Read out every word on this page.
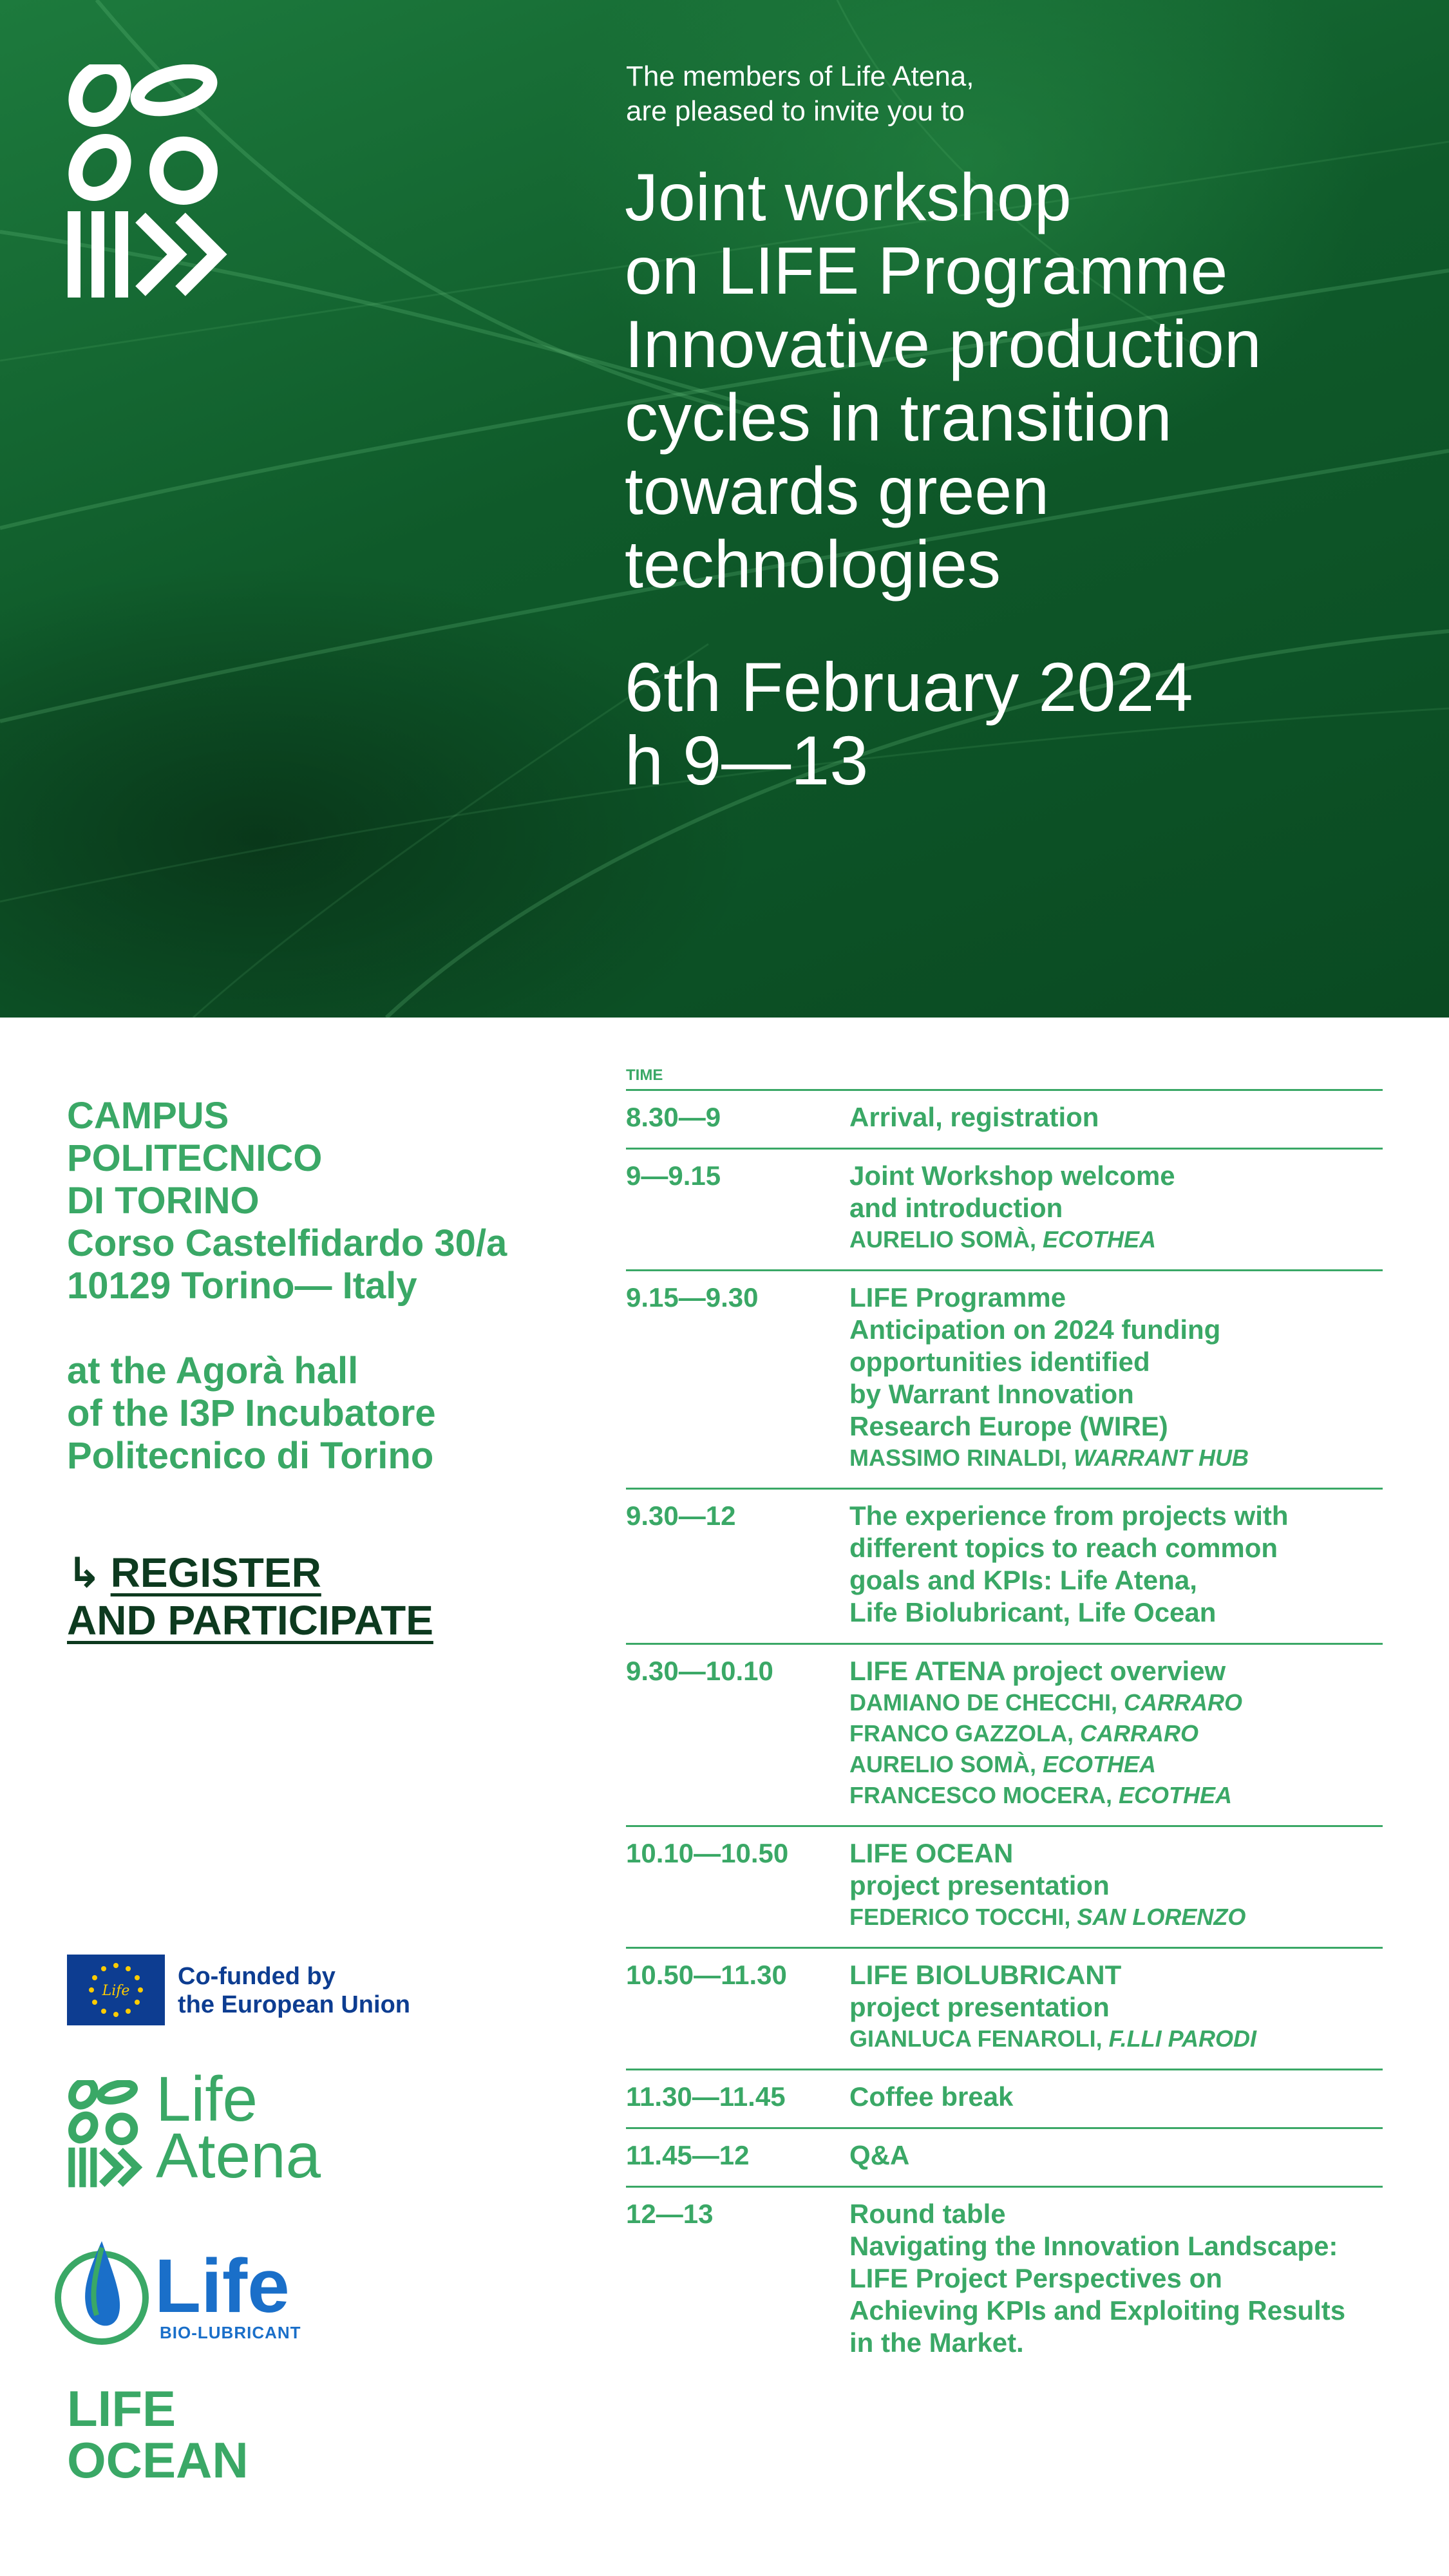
The members of Life Atena,
are pleased to invite you to
Joint workshop
on LIFE Programme
Innovative production
cycles in transition
towards green
technologies
6th February 2024
h 9—13
CAMPUS
POLITECNICO
DI TORINO
Corso Castelfidardo 30/a
10129 Torino— Italy
at the Agorà hall
of the I3P Incubatore
Politecnico di Torino
↳ REGISTER
AND PARTICIPATE
Life
Co-funded by
the European Union
Life
Atena
Life
BIO-LUBRICANT
LIFE
OCEAN
TIME
8.30—9	Arrival, registration
9—9.15	Joint Workshop welcome
and introduction
AURELIO SOMÀ, ECOTHEA
9.15—9.30	LIFE Programme
Anticipation on 2024 funding
opportunities identified
by Warrant Innovation
Research Europe (WIRE)
MASSIMO RINALDI, WARRANT HUB
9.30—12	The experience from projects with
different topics to reach common
goals and KPIs: Life Atena,
Life Biolubricant, Life Ocean
9.30—10.10	LIFE ATENA project overview
DAMIANO DE CHECCHI, CARRARO
FRANCO GAZZOLA, CARRARO
AURELIO SOMÀ, ECOTHEA
FRANCESCO MOCERA, ECOTHEA
10.10—10.50	LIFE OCEAN
project presentation
FEDERICO TOCCHI, SAN LORENZO
10.50—11.30	LIFE BIOLUBRICANT
project presentation
GIANLUCA FENAROLI, F.LLI PARODI
11.30—11.45	Coffee break
11.45—12	Q&A
12—13	Round table
Navigating the Innovation Landscape:
LIFE Project Perspectives on
Achieving KPIs and Exploiting Results
in the Market.
